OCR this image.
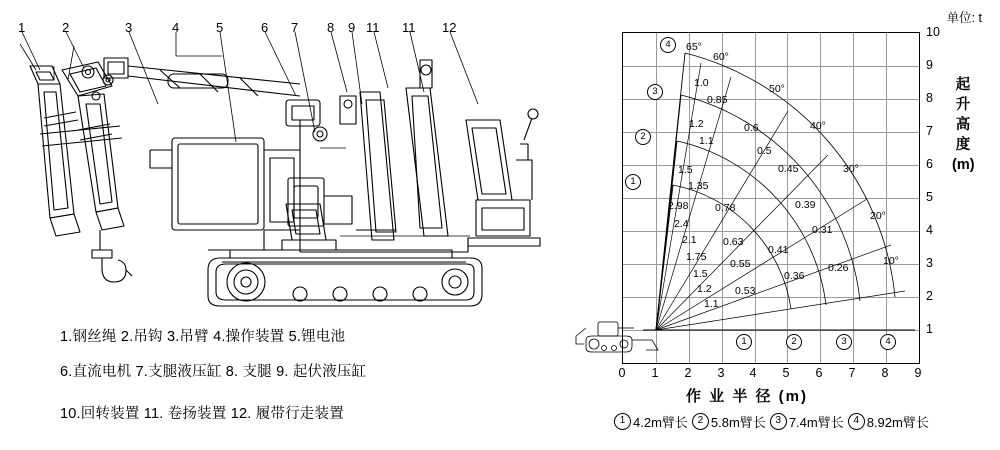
1	2	3	4	5	6 7 8 9 11 11 12
1.钢丝绳 2.吊钩 3.吊臂 4.操作装置 5.锂电池
6.直流电机 7.支腿液压缸 8. 支腿 9. 起伏液压缸
10.回转装置 11. 卷扬装置 12. 履带行走装置
单位: t
0	1	2	3	4	5	6	7	8	9
10
9
8
7
6
5
4
3
2
1
作 业 半 径 (m)
起 升 高 度 (m)
1.0
0.85
1.2
1.1
0.6
0.5
1.5
1.35
0.45
0.39
2.98	0.78
0.31
2.4
2.1	0.63
0.41
1.75
0.55	0.26
1.5	0.36
1.2 0.53
1.1
65°
60°
50°
40°
30°
20°
10°
4
3
2
1
1	2	3	4
1 4.2m臂长 2 5.8m臂长 3 7.4m臂长 4 8.92m臂长
